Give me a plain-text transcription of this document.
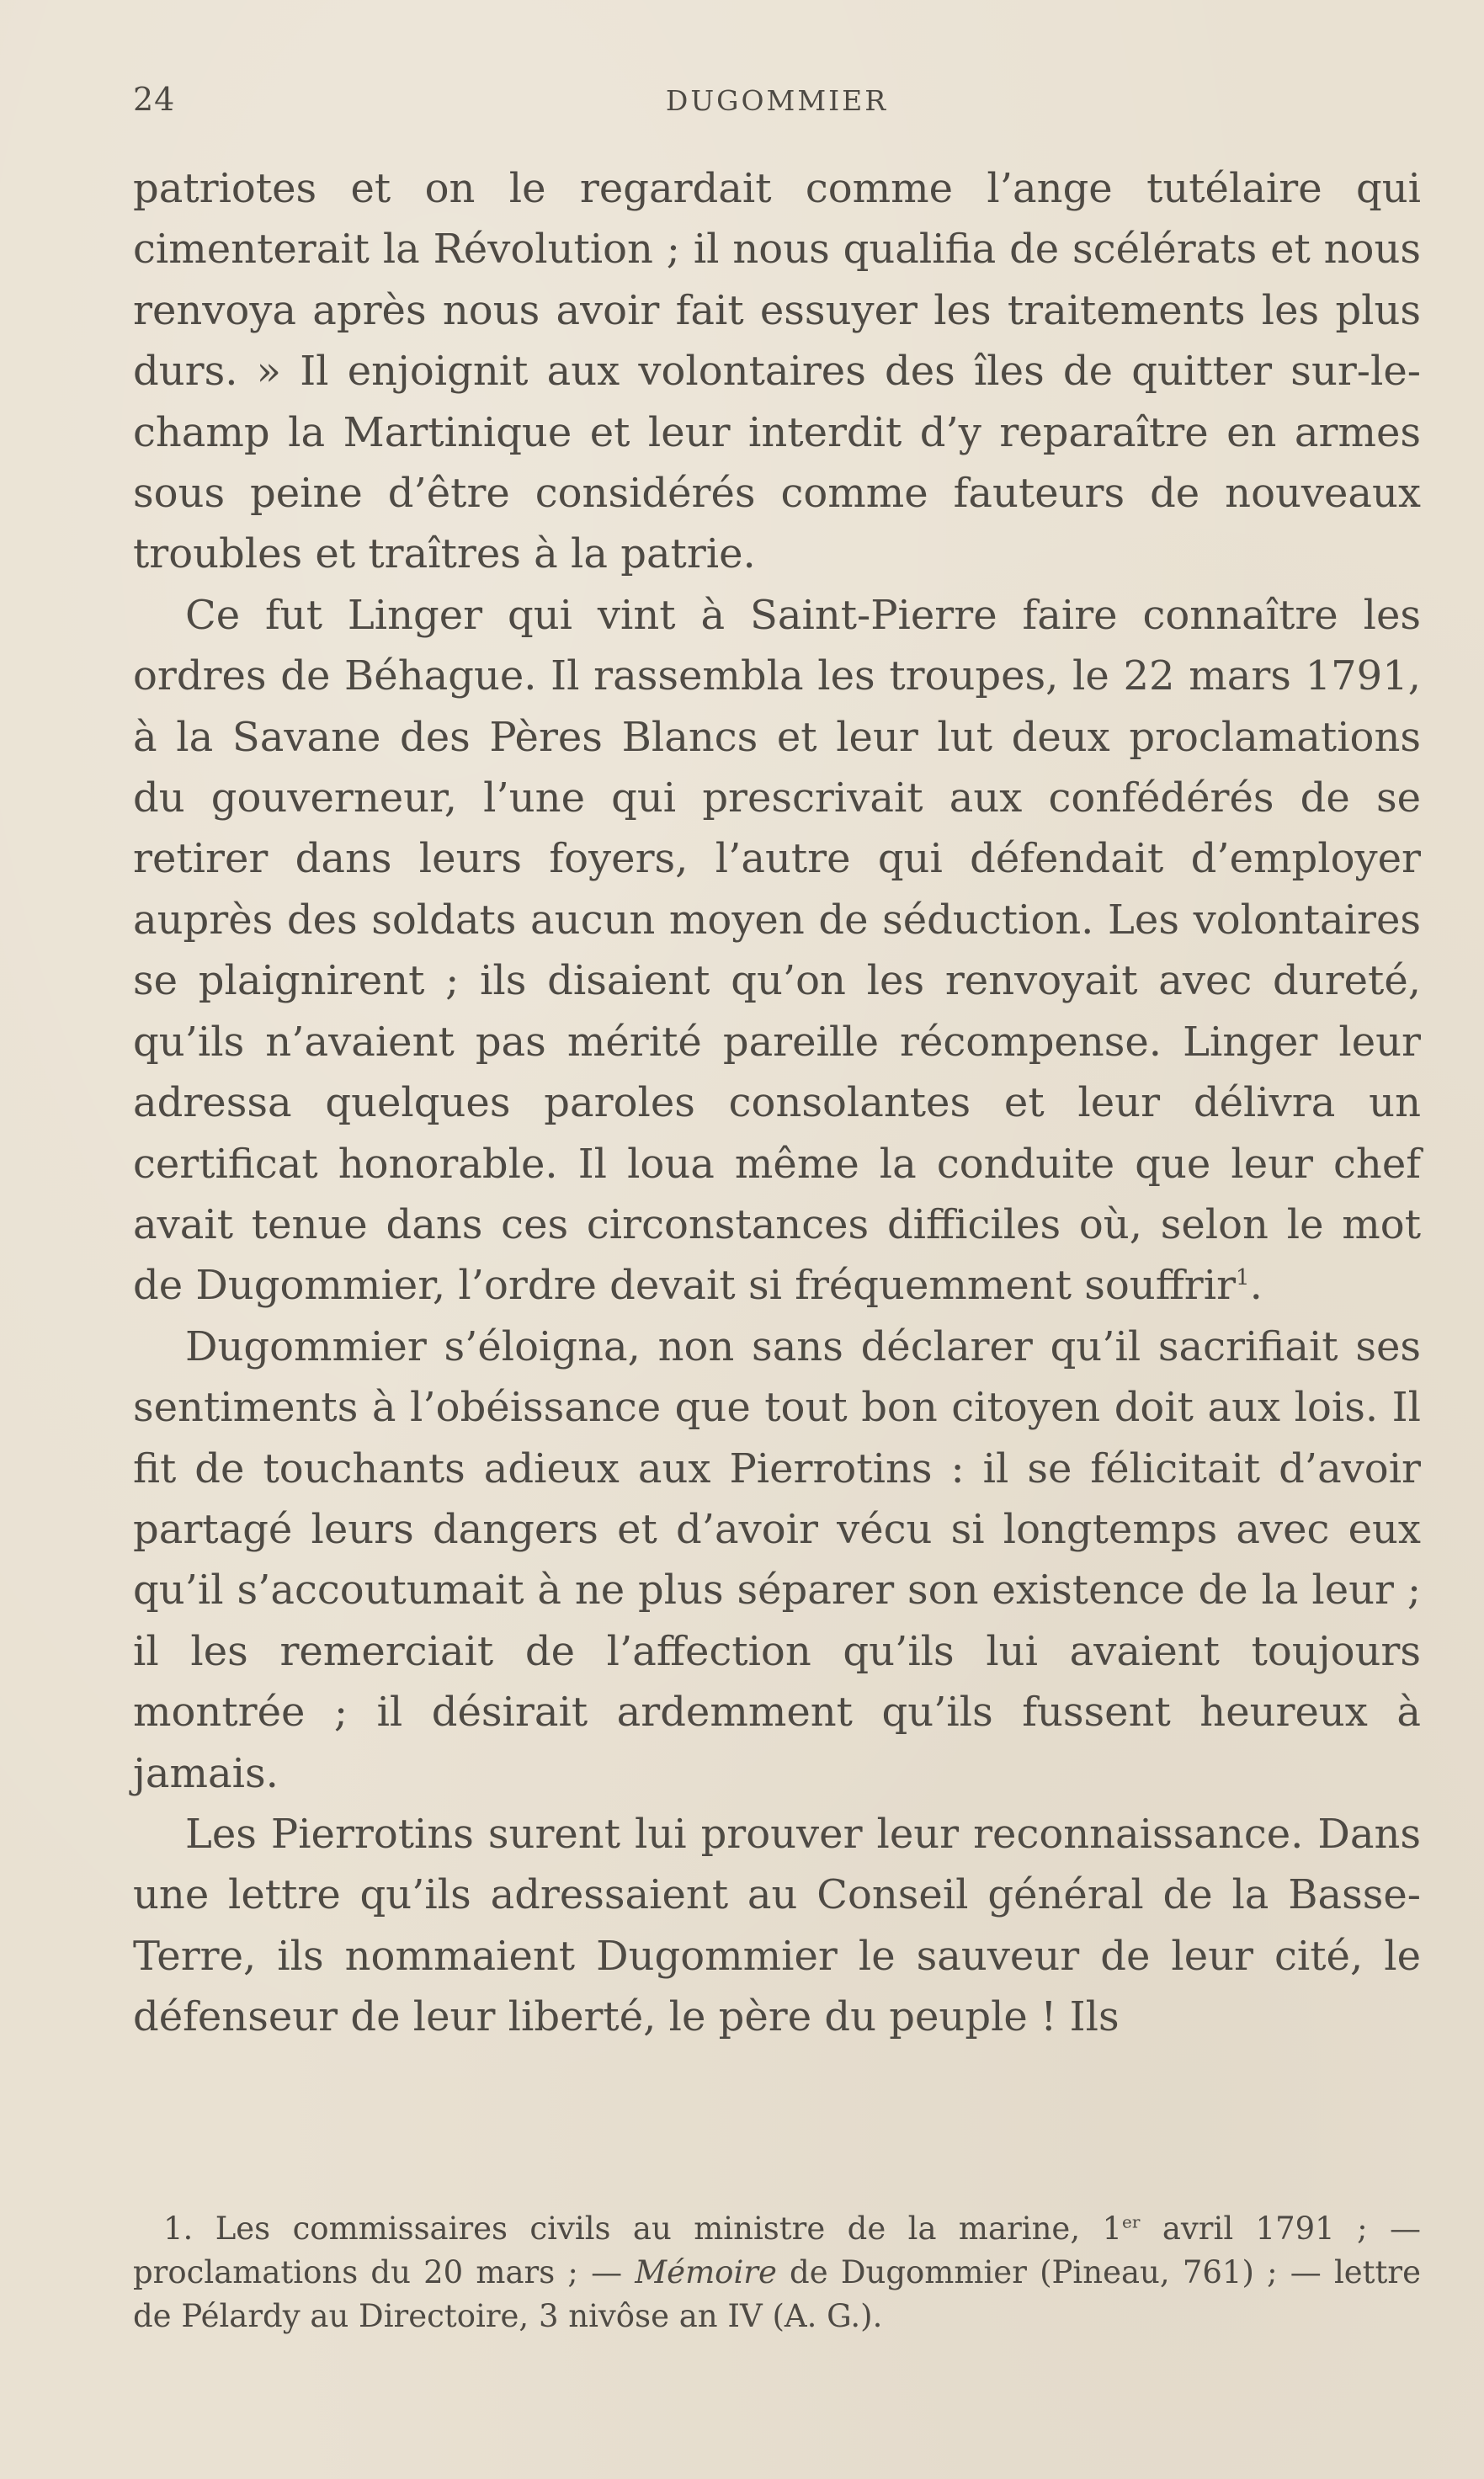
24	DUGOMMIER

patriotes et on le regardait comme l’ange tutélaire qui cimenterait la Révolution ; il nous qualifia de scélérats et nous renvoya après nous avoir fait essuyer les traitements les plus durs. » Il enjoignit aux volontaires des îles de quitter sur-le-champ la Martinique et leur interdit d’y reparaître en armes sous peine d’être considérés comme fauteurs de nouveaux troubles et traîtres à la patrie.

Ce fut Linger qui vint à Saint-Pierre faire connaître les ordres de Béhague. Il rassembla les troupes, le 22 mars 1791, à la Savane des Pères Blancs et leur lut deux proclamations du gouverneur, l’une qui prescrivait aux confédérés de se retirer dans leurs foyers, l’autre qui défendait d’employer auprès des soldats aucun moyen de séduction. Les volontaires se plaignirent ; ils disaient qu’on les renvoyait avec dureté, qu’ils n’avaient pas mérité pareille récompense. Linger leur adressa quelques paroles consolantes et leur délivra un certificat honorable. Il loua même la conduite que leur chef avait tenue dans ces circonstances difficiles où, selon le mot de Dugommier, l’ordre devait si fréquemment souffrir$^1$.

Dugommier s’éloigna, non sans déclarer qu’il sacrifiait ses sentiments à l’obéissance que tout bon citoyen doit aux lois. Il fit de touchants adieux aux Pierrotins : il se félicitait d’avoir partagé leurs dangers et d’avoir vécu si longtemps avec eux qu’il s’accoutumait à ne plus séparer son existence de la leur ; il les remerciait de l’affection qu’ils lui avaient toujours montrée ; il désirait ardemment qu’ils fussent heureux à jamais.

Les Pierrotins surent lui prouver leur reconnaissance. Dans une lettre qu’ils adressaient au Conseil général de la Basse-Terre, ils nommaient Dugommier le sauveur de leur cité, le défenseur de leur liberté, le père du peuple ! Ils

1. Les commissaires civils au ministre de la marine, 1er avril 1791 ; — proclamations du 20 mars ; — Mémoire de Dugommier (Pineau, 761) ; — lettre de Pélardy au Directoire, 3 nivôse an IV (A. G.).
